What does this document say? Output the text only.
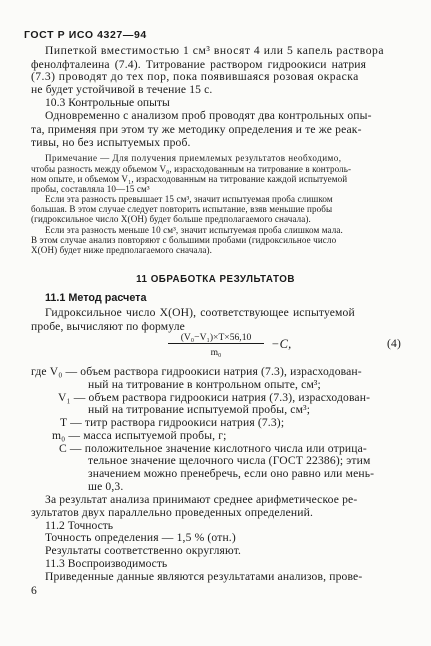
ГОСТ Р ИСО 4327—94
Пипеткой вместимостью 1 см³ вносят 4 или 5 капель раствора
фенолфталеина (7.4). Титрование раствором гидроокиси натрия
(7.3) проводят до тех пор, пока появившаяся розовая окраска
не будет устойчивой в течение 15 с.
10.3 Контрольные опыты
Одновременно с анализом проб проводят два контрольных опы-
та, применяя при этом ту же методику определения и те же реак-
тивы, но без испытуемых проб.
Примечание — Для получения приемлемых результатов необходимо,
чтобы разность между объемом V₀, израсходованным на титрование в контроль-
ном опыте, и объемом V₁, израсходованным на титрование каждой испытуемой
пробы, составляла 10—15 см³
Если эта разность превышает 15 см³, значит испытуемая проба слишком
большая. В этом случае следует повторить испытание, взяв меньшие пробы
(гидроксильное число X(OH) будет больше предполагаемого сначала).
Если эта разность меньше 10 см³, значит испытуемая проба слишком мала.
В этом случае анализ повторяют с большими пробами (гидроксильное число
X(OH) будет ниже предполагаемого сначала).
11 ОБРАБОТКА РЕЗУЛЬТАТОВ
11.1 Метод расчета
Гидроксильное число X(OH), соответствующее испытуемой
пробе, вычисляют по формуле
(V₀−V₁)×T×56,10
m₀
−C,	(4)
где V₀ — объем раствора гидроокиси натрия (7.3), израсходован-
ный на титрование в контрольном опыте, см³;
V₁ — объем раствора гидроокиси натрия (7.3), израсходован-
ный на титрование испытуемой пробы, см³;
T — титр раствора гидроокиси натрия (7.3);
m₀ — масса испытуемой пробы, г;
C — положительное значение кислотного числа или отрица-
тельное значение щелочного числа (ГОСТ 22386); этим
значением можно пренебречь, если оно равно или мень-
ше 0,3.
За результат анализа принимают среднее арифметическое ре-
зультатов двух параллельно проведенных определений.
11.2 Точность
Точность определения — 1,5 % (отн.)
Результаты соответственно округляют.
11.3 Воспроизводимость
Приведенные данные являются результатами анализов, прове-
6
